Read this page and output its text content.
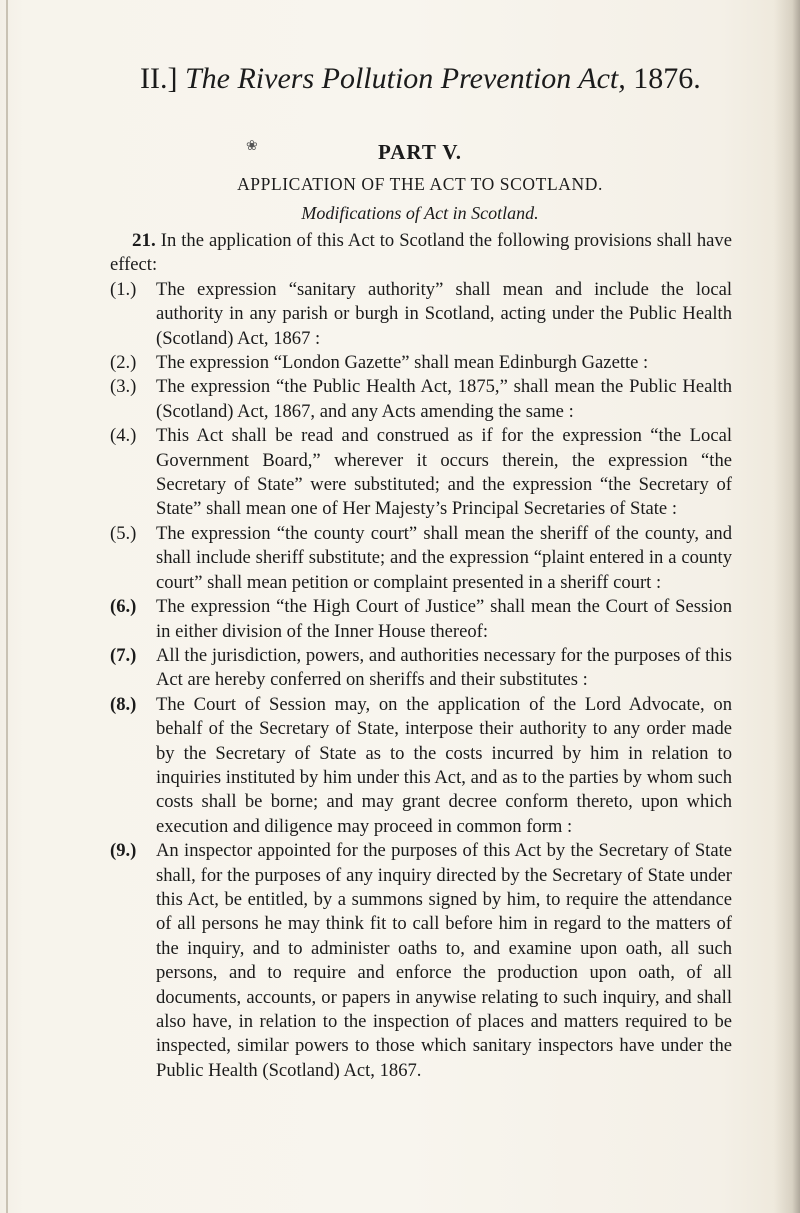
II.] The Rivers Pollution Prevention Act, 1876.
❀	PART V.
APPLICATION OF THE ACT TO SCOTLAND.
Modifications of Act in Scotland.

21. In the application of this Act to Scotland the following provisions shall have effect:

(1.)	The expression “sanitary authority” shall mean and include the local authority in any parish or burgh in Scotland, acting under the Public Health (Scotland) Act, 1867 :
(2.)	The expression “London Gazette” shall mean Edinburgh Gazette :
(3.)	The expression “the Public Health Act, 1875,” shall mean the Public Health (Scotland) Act, 1867, and any Acts amending the same :
(4.)	This Act shall be read and construed as if for the expression “the Local Government Board,” wherever it occurs therein, the expression “the Secretary of State” were substituted; and the expression “the Secretary of State” shall mean one of Her Majesty’s Principal Secretaries of State :
(5.)	The expression “the county court” shall mean the sheriff of the county, and shall include sheriff substitute; and the expression “plaint entered in a county court” shall mean petition or complaint presented in a sheriff court :
(6.)	The expression “the High Court of Justice” shall mean the Court of Session in either division of the Inner House thereof:
(7.)	All the jurisdiction, powers, and authorities necessary for the purposes of this Act are hereby conferred on sheriffs and their substitutes :
(8.)	The Court of Session may, on the application of the Lord Advocate, on behalf of the Secretary of State, interpose their authority to any order made by the Secretary of State as to the costs incurred by him in relation to inquiries instituted by him under this Act, and as to the parties by whom such costs shall be borne; and may grant decree conform thereto, upon which execution and diligence may proceed in common form :
(9.)	An inspector appointed for the purposes of this Act by the Secretary of State shall, for the purposes of any inquiry directed by the Secretary of State under this Act, be entitled, by a summons signed by him, to require the attendance of all persons he may think fit to call before him in regard to the matters of the inquiry, and to administer oaths to, and examine upon oath, all such persons, and to require and enforce the production upon oath, of all documents, accounts, or papers in anywise relating to such inquiry, and shall also have, in relation to the inspection of places and matters required to be inspected, similar powers to those which sanitary inspectors have under the Public Health (Scotland) Act, 1867.
